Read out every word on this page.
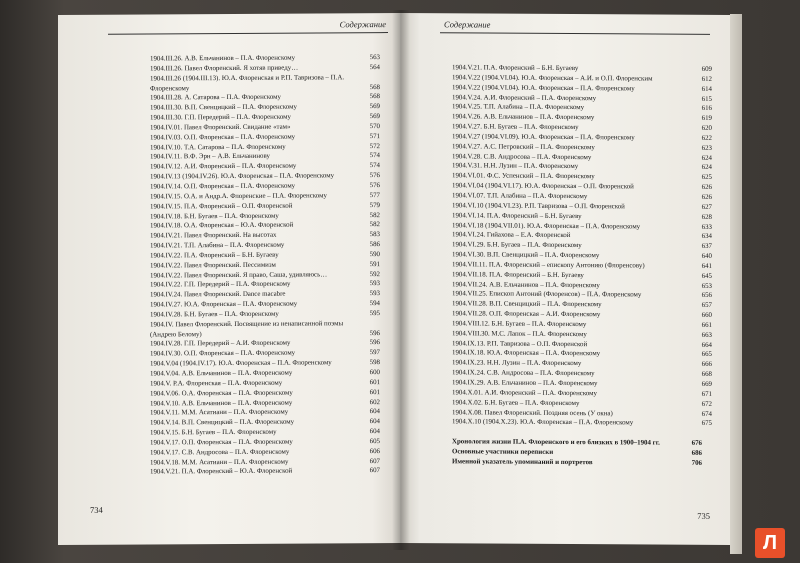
Содержание
1904.III.26. А.В. Ельчанинов – П.А. Флоренскому	563
1904.III.26. Павел Флоренский. Я хотяв приведу…	564
1904.III.26 (1904.III.13). Ю.А. Флоренская и Р.П. Тавризова – П.А. Флоренскому	568
1904.III.28. А. Сатарова – П.А. Флоренскому	568
1904.III.30. В.П. Свенцицкий – П.А. Флоренскому	569
1904.III.30. Г.П. Передерий – П.А. Флоренскому	569
1904.IV.01. Павел Флоренский. Свидание «там»	570
1904.IV.03. О.П. Флоренская – П.А. Флоренскому	571
1904.IV.10. Т.А. Сатарова – П.А. Флоренскому	572
1904.IV.11. В.Ф. Эрн – А.В. Ельчанинову	574
1904.IV.12. А.И. Флоренский – П.А. Флоренскому	574
1904.IV.13 (1904.IV.26). Ю.А. Флоренская – П.А. Флоренскому	576
1904.IV.14. О.П. Флоренская – П.А. Флоренскому	576
1904.IV.15. О.А. и Андр.А. Флоренские – П.А. Флоренскому	577
1904.IV.15. П.А. Флоренский – О.П. Флоренской	579
1904.IV.18. Б.Н. Бугаев – П.А. Флоренскому	582
1904.IV.18. О.А. Флоренская – Ю.А. Флоренской	582
1904.IV.21. Павел Флоренский. На высотах	583
1904.IV.21. Т.П. Алабина – П.А. Флоренскому	586
1904.IV.22. П.А. Флоренский – Б.Н. Бугаеву	590
1904.IV.22. Павел Флоренский. Пессимизм	591
1904.IV.22. Павел Флоренский. Я право, Саша, удивляюсь…	592
1904.IV.22. Г.П. Передерий – П.А. Флоренскому	593
1904.IV.24. Павел Флоренский. Dance macabre	593
1904.IV.27. Ю.А. Флоренская – П.А. Флоренскому	594
1904.IV.28. Б.Н. Бугаев – П.А. Флоренскому	595
1904.IV. Павел Флоренский. Посвящение из ненаписанной поэмы (Андрею Белому)	596
1904.IV.28. Г.П. Передерий – А.И. Флоренскому	596
1904.IV.30. О.П. Флоренская – П.А. Флоренскому	597
1904.V.04 (1904.IV.17). Ю.А. Флоренская – П.А. Флоренскому	598
1904.V.04. А.В. Ельчанинов – П.А. Флоренскому	600
1904.V. Р.А. Флоренская – П.А. Флоренскому	601
1904.V.06. О.А. Флоренская – П.А. Флоренскому	601
1904.V.10. А.В. Ельчанинов – П.А. Флоренскому	602
1904.V.11. М.М. Асатиани – П.А. Флоренскому	604
1904.V.14. В.П. Свенцицкий – П.А. Флоренскому	604
1904.V.15. Б.Н. Бугаев – П.А. Флоренскому	604
1904.V.17. О.П. Флоренская – П.А. Флоренскому	605
1904.V.17. С.В. Андросова – П.А. Флоренскому	606
1904.V.18. М.М. Асатиани – П.А. Флоренскому	607
1904.V.21. П.А. Флоренский – Ю.А. Флоренской	607
734
Содержание
1904.V.21. П.А. Флоренский – Б.Н. Бугаеву	609
1904.V.22 (1904.VI.04). Ю.А. Флоренская – А.И. и О.П. Флоренским	612
1904.V.22 (1904.VI.04). Ю.А. Флоренская – П.А. Флоренскому	614
1904.V.24. А.И. Флоренский – П.А. Флоренскому	615
1904.V.25. Т.П. Алабина – П.А. Флоренскому	616
1904.V.26. А.В. Ельчанинов – П.А. Флоренскому	619
1904.V.27. Б.Н. Бугаев – П.А. Флоренскому	620
1904.V.27 (1904.VI.09). Ю.А. Флоренская – П.А. Флоренскому	622
1904.V.27. А.С. Петровский – П.А. Флоренскому	623
1904.V.28. С.В. Андросова – П.А. Флоренскому	624
1904.V.31. Н.Н. Лузин – П.А. Флоренскому	624
1904.VI.01. Ф.С. Успенский – П.А. Флоренскому	625
1904.VI.04 (1904.VI.17). Ю.А. Флоренская – О.П. Флоренской	626
1904.VI.07. Т.П. Алабина – П.А. Флоренскому	626
1904.VI.10 (1904.VI.23). Р.П. Тавризова – О.П. Флоренской	627
1904.VI.14. П.А. Флоренский – Б.Н. Бугаеву	628
1904.VI.18 (1904.VII.01). Ю.А. Флоренская – П.А. Флоренскому	633
1904.VI.24. Гийахова – Е.А. Флоренской	634
1904.VI.29. Б.Н. Бугаев – П.А. Флоренскому	637
1904.VI.30. В.П. Свенцицкий – П.А. Флоренскому	640
1904.VII.11. П.А. Флоренский – епископу Антонию (Флоренсову)	641
1904.VII.18. П.А. Флоренский – Б.Н. Бугаеву	645
1904.VII.24. А.В. Ельчанинов – П.А. Флоренскому	653
1904.VII.25. Епископ Антоний (Флоренсов) – П.А. Флоренскому	656
1904.VII.28. В.П. Свенцицкий – П.А. Флоренскому	657
1904.VII.28. О.П. Флоренская – А.И. Флоренскому	660
1904.VIII.12. Б.Н. Бугаев – П.А. Флоренскому	661
1904.VIII.30. М.С. Лапок – П.А. Флоренскому	663
1904.IX.13. Р.П. Тавризова – О.П. Флоренской	664
1904.IX.18. Ю.А. Флоренская – П.А. Флоренскому	665
1904.IX.23. Н.Н. Лузин – П.А. Флоренскому	666
1904.IX.24. С.В. Андросова – П.А. Флоренскому	668
1904.IX.29. А.В. Ельчанинов – П.А. Флоренскому	669
1904.X.01. А.И. Флоренский – П.А. Флоренскому	671
1904.X.02. Б.Н. Бугаев – П.А. Флоренскому	672
1904.X.08. Павел Флоренский. Поздняя осень (У окна)	674
1904.X.10 (1904.X.23). Ю.А. Флоренская – П.А. Флоренскому	675
Хронология жизни П.А. Флоренского и его близких в 1900–1904 гг.	676
Основные участники переписки	686
Именной указатель упоминаний и портретов	706
735
Л
